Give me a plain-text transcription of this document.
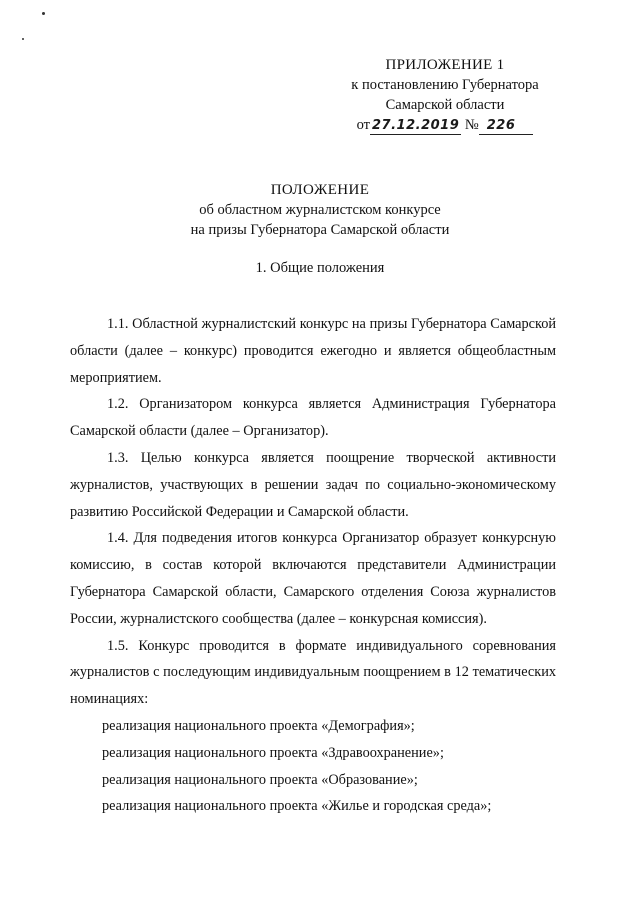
ПРИЛОЖЕНИЕ 1
к постановлению Губернатора
Самарской области
от 27.12.2019 № 226
ПОЛОЖЕНИЕ
об областном журналистском конкурсе
на призы Губернатора Самарской области
1. Общие положения

1.1. Областной журналистский конкурс на призы Губернатора Самарской области (далее – конкурс) проводится ежегодно и является общеобластным мероприятием.

1.2. Организатором конкурса является Администрация Губернатора Самарской области (далее – Организатор).

1.3. Целью конкурса является поощрение творческой активности журналистов, участвующих в решении задач по социально-экономическому развитию Российской Федерации и Самарской области.

1.4. Для подведения итогов конкурса Организатор образует конкурсную комиссию, в состав которой включаются представители Администрации Губернатора Самарской области, Самарского отделения Союза журналистов России, журналистского сообщества (далее – конкурсная комиссия).

1.5. Конкурс проводится в формате индивидуального соревнования журналистов с последующим индивидуальным поощрением в 12 тематических номинациях:

реализация национального проекта «Демография»;

реализация национального проекта «Здравоохранение»;

реализация национального проекта «Образование»;

реализация национального проекта «Жилье и городская среда»;
